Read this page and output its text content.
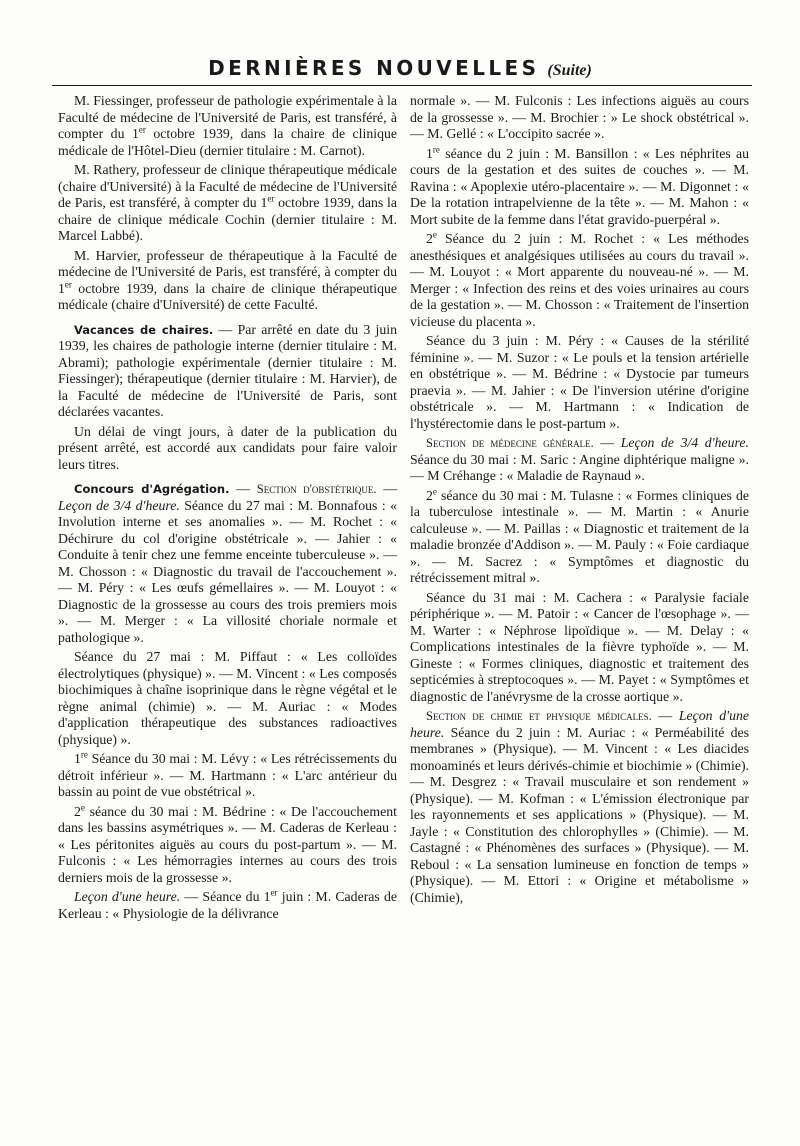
DERNIÈRES NOUVELLES (Suite)

M. Fiessinger, professeur de pathologie expérimentale à la Faculté de médecine de l'Université de Paris, est transféré, à compter du 1er octobre 1939, dans la chaire de clinique médicale de l'Hôtel-Dieu (dernier titulaire : M. Carnot).

M. Rathery, professeur de clinique thérapeutique médicale (chaire d'Université) à la Faculté de médecine de l'Université de Paris, est transféré, à compter du 1er octobre 1939, dans la chaire de clinique médicale Cochin (dernier titulaire : M. Marcel Labbé).

M. Harvier, professeur de thérapeutique à la Faculté de médecine de l'Université de Paris, est transféré, à compter du 1er octobre 1939, dans la chaire de clinique thérapeutique médicale (chaire d'Université) de cette Faculté.

Vacances de chaires. — Par arrêté en date du 3 juin 1939, les chaires de pathologie interne (dernier titulaire : M. Abrami); pathologie expérimentale (dernier titulaire : M. Fiessinger); thérapeutique (dernier titulaire : M. Harvier), de la Faculté de médecine de l'Université de Paris, sont déclarées vacantes.

Un délai de vingt jours, à dater de la publication du présent arrêté, est accordé aux candidats pour faire valoir leurs titres.

Concours d'Agrégation. — Section d'obstétrique. — Leçon de 3/4 d'heure. Séance du 27 mai : M. Bonnafous : « Involution interne et ses anomalies ». — M. Rochet : « Déchirure du col d'origine obstétricale ». — Jahier : « Conduite à tenir chez une femme enceinte tuberculeuse ». — M. Chosson : « Diagnostic du travail de l'accouchement ». — M. Péry : « Les œufs gémellaires ». — M. Louyot : « Diagnostic de la grossesse au cours des trois premiers mois ». — M. Merger : « La villosité choriale normale et pathologique ».

Séance du 27 mai : M. Piffaut : « Les colloïdes électrolytiques (physique) ». — M. Vincent : « Les composés biochimiques à chaîne isoprinique dans le règne végétal et le règne animal (chimie) ». — M. Auriac : « Modes d'application thérapeutique des substances radioactives (physique) ».

1re Séance du 30 mai : M. Lévy : « Les rétrécissements du détroit inférieur ». — M. Hartmann : « L'arc antérieur du bassin au point de vue obstétrical ».

2e séance du 30 mai : M. Bédrine : « De l'accouchement dans les bassins asymétriques ». — M. Caderas de Kerleau : « Les péritonites aiguës au cours du post-partum ». — M. Fulconis : « Les hémorragies internes au cours des trois derniers mois de la grossesse ».

Leçon d'une heure. — Séance du 1er juin : M. Caderas de Kerleau : « Physiologie de la délivrance

normale ». — M. Fulconis : Les infections aiguës au cours de la grossesse ». — M. Brochier : » Le shock obstétrical ». — M. Gellé : « L'occipito sacrée ».

1re séance du 2 juin : M. Bansillon : « Les néphrites au cours de la gestation et des suites de couches ». — M. Ravina : « Apoplexie utéro-placentaire ». — M. Digonnet : « De la rotation intrapelvienne de la tête ». — M. Mahon : « Mort subite de la femme dans l'état gravido-puerpéral ».

2e Séance du 2 juin : M. Rochet : « Les méthodes anesthésiques et analgésiques utilisées au cours du travail ». — M. Louyot : « Mort apparente du nouveau-né ». — M. Merger : « Infection des reins et des voies urinaires au cours de la gestation ». — M. Chosson : « Traitement de l'insertion vicieuse du placenta ».

Séance du 3 juin : M. Péry : « Causes de la stérilité féminine ». — M. Suzor : « Le pouls et la tension artérielle en obstétrique ». — M. Bédrine : « Dystocie par tumeurs praevia ». — M. Jahier : « De l'inversion utérine d'origine obstétricale ». — M. Hartmann : « Indication de l'hystérectomie dans le post-partum ».

Section de médecine générale. — Leçon de 3/4 d'heure. Séance du 30 mai : M. Saric : Angine diphtérique maligne ». — M Créhange : « Maladie de Raynaud ».

2e séance du 30 mai : M. Tulasne : « Formes cliniques de la tuberculose intestinale ». — M. Martin : « Anurie calculeuse ». — M. Paillas : « Diagnostic et traitement de la maladie bronzée d'Addison ». — M. Pauly : « Foie cardiaque ». — M. Sacrez : « Symptômes et diagnostic du rétrécissement mitral ».

Séance du 31 mai : M. Cachera : « Paralysie faciale périphérique ». — M. Patoir : « Cancer de l'œsophage ». — M. Warter : « Néphrose lipoïdique ». — M. Delay : « Complications intestinales de la fièvre typhoïde ». — M. Gineste : « Formes cliniques, diagnostic et traitement des septicémies à streptocoques ». — M. Payet : « Symptômes et diagnostic de l'anévrysme de la crosse aortique ».

Section de chimie et physique médicales. — Leçon d'une heure. Séance du 2 juin : M. Auriac : « Perméabilité des membranes » (Physique). — M. Vincent : « Les diacides monoaminés et leurs dérivés-chimie et biochimie » (Chimie). — M. Desgrez : « Travail musculaire et son rendement » (Physique). — M. Kofman : « L'émission électronique par les rayonnements et ses applications » (Physique). — M. Jayle : « Constitution des chlorophylles » (Chimie). — M. Castagné : « Phénomènes des surfaces » (Physique). — M. Reboul : « La sensation lumineuse en fonction de temps » (Physique). — M. Ettori : « Origine et métabolisme » (Chimie),
